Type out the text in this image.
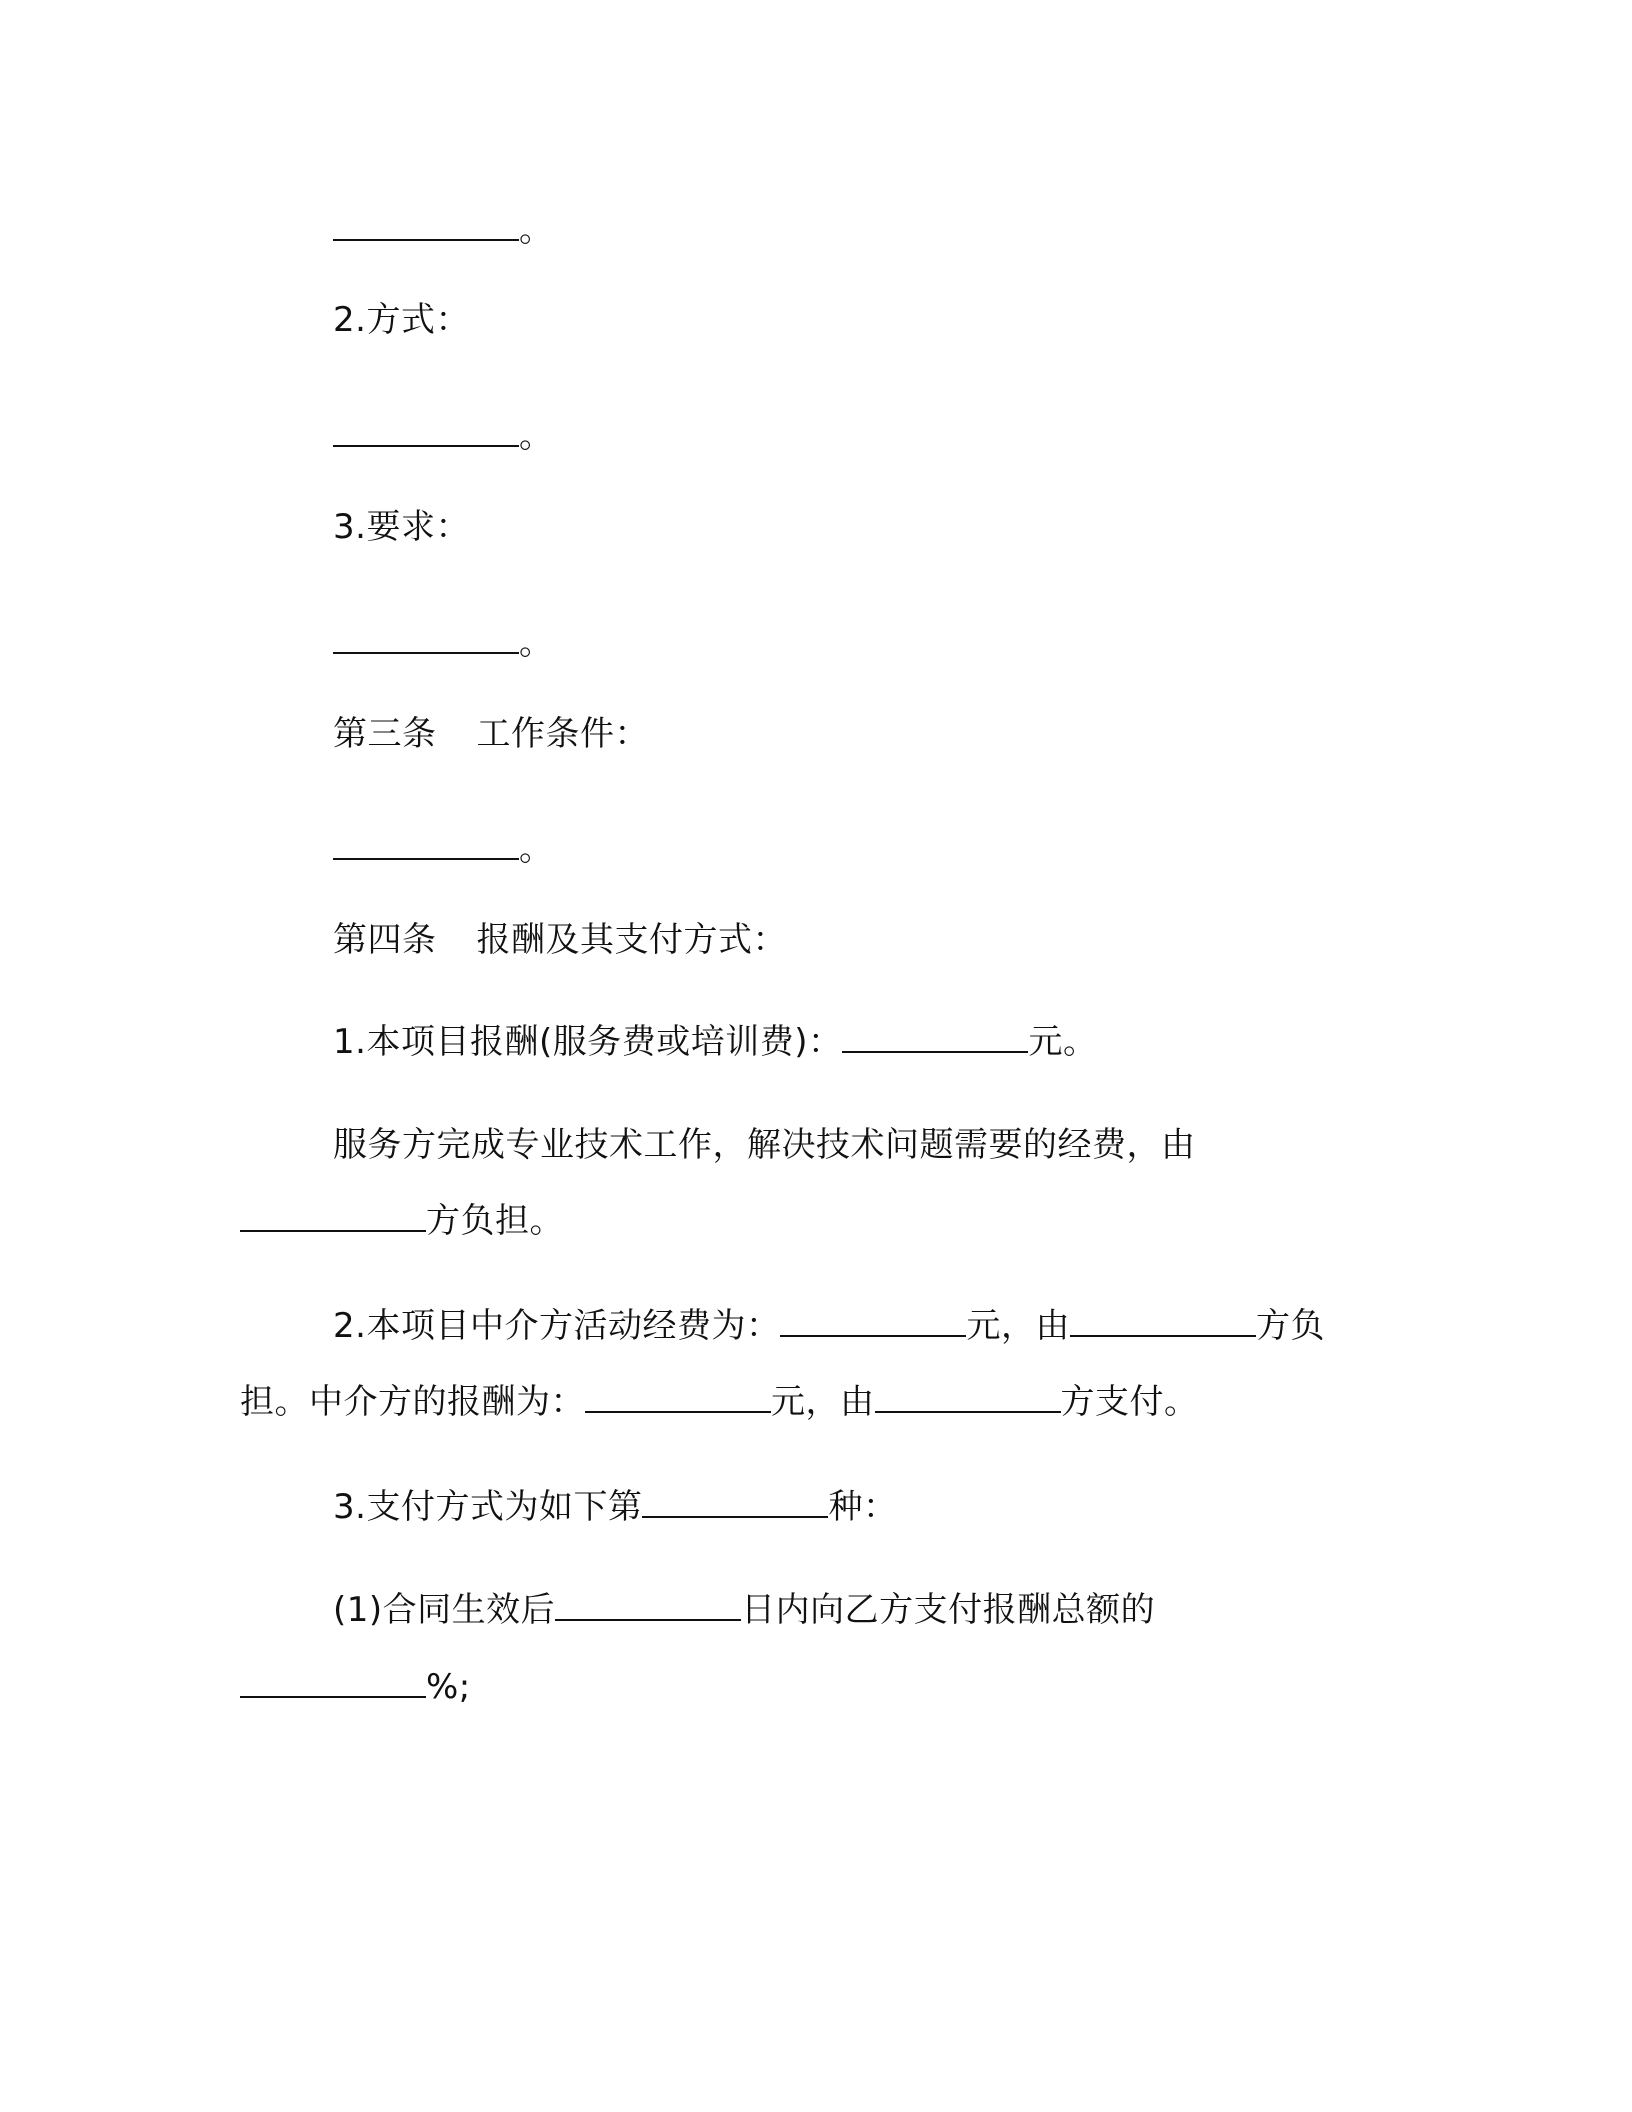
。
2.方式：
。
3.要求：
。
第三条 工作条件：
。
第四条 报酬及其支付方式：
1.本项目报酬(服务费或培训费)：	元。
服务方完成专业技术工作，解决技术问题需要的经费，由
方负担。
2.本项目中介方活动经费为：	元，由	方负
担。中介方的报酬为：	元，由	方支付。
3.支付方式为如下第	种：
(1)合同生效后	日内向乙方支付报酬总额的
%;
